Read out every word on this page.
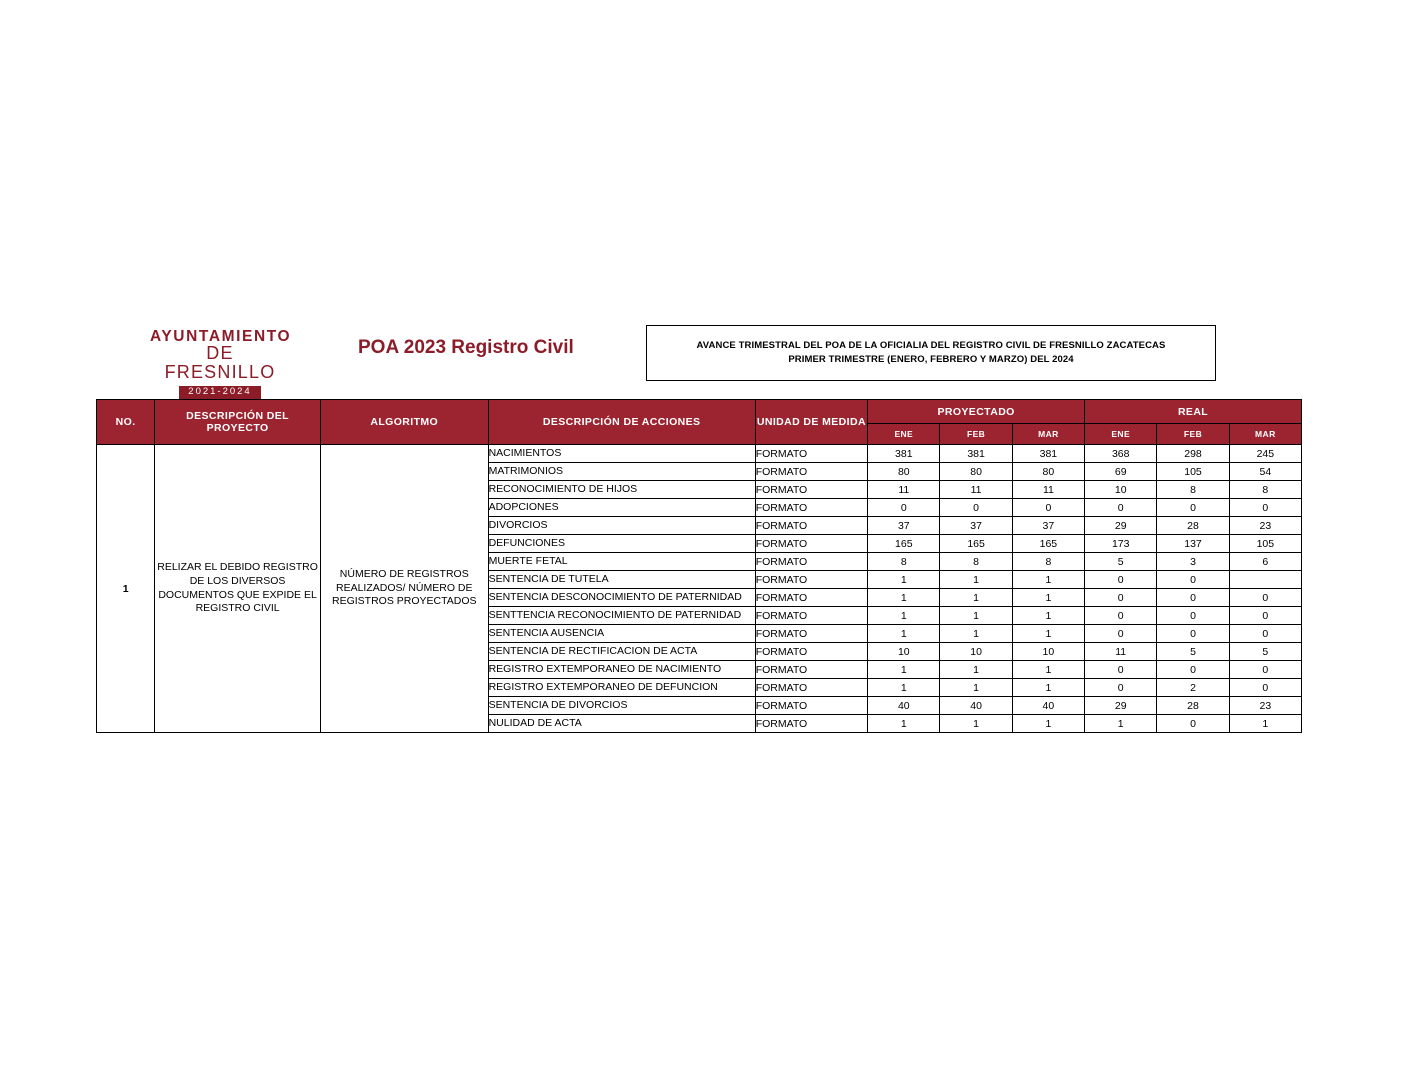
AYUNTAMIENTO
DE FRESNILLO
2021-2024
POA 2023 Registro Civil	AVANCE TRIMESTRAL DEL POA DE LA OFICIALIA DEL REGISTRO CIVIL DE FRESNILLO ZACATECAS
PRIMER TRIMESTRE (ENERO, FEBRERO Y MARZO) DEL 2024
NO.	DESCRIPCIÓN DEL PROYECTO	ALGORITMO	DESCRIPCIÓN DE ACCIONES	UNIDAD DE MEDIDA	PROYECTADO			REAL		
					ENE	FEB	MAR	ENE	FEB	MAR
1	RELIZAR EL DEBIDO REGISTRO DE LOS DIVERSOS DOCUMENTOS QUE EXPIDE EL REGISTRO CIVIL	NÚMERO DE REGISTROS REALIZADOS/ NÚMERO DE REGISTROS PROYECTADOS	NACIMIENTOS	FORMATO	381	381	381	368	298	245
			MATRIMONIOS	FORMATO	80	80	80	69	105	54
			RECONOCIMIENTO DE HIJOS	FORMATO	11	11	11	10	8	8
			ADOPCIONES	FORMATO	0	0	0	0	0	0
			DIVORCIOS	FORMATO	37	37	37	29	28	23
			DEFUNCIONES	FORMATO	165	165	165	173	137	105
			MUERTE FETAL	FORMATO	8	8	8	5	3	6
			SENTENCIA DE TUTELA	FORMATO	1	1	1	0	0	
			SENTENCIA DESCONOCIMIENTO DE PATERNIDAD	FORMATO	1	1	1	0	0	0
			SENTTENCIA RECONOCIMIENTO DE PATERNIDAD	FORMATO	1	1	1	0	0	0
			SENTENCIA AUSENCIA	FORMATO	1	1	1	0	0	0
			SENTENCIA DE RECTIFICACION DE ACTA	FORMATO	10	10	10	11	5	5
			REGISTRO EXTEMPORANEO DE NACIMIENTO	FORMATO	1	1	1	0	0	0
			REGISTRO EXTEMPORANEO DE DEFUNCION	FORMATO	1	1	1	0	2	0
			SENTENCIA DE DIVORCIOS	FORMATO	40	40	40	29	28	23
			NULIDAD DE ACTA	FORMATO	1	1	1	1	0	1
